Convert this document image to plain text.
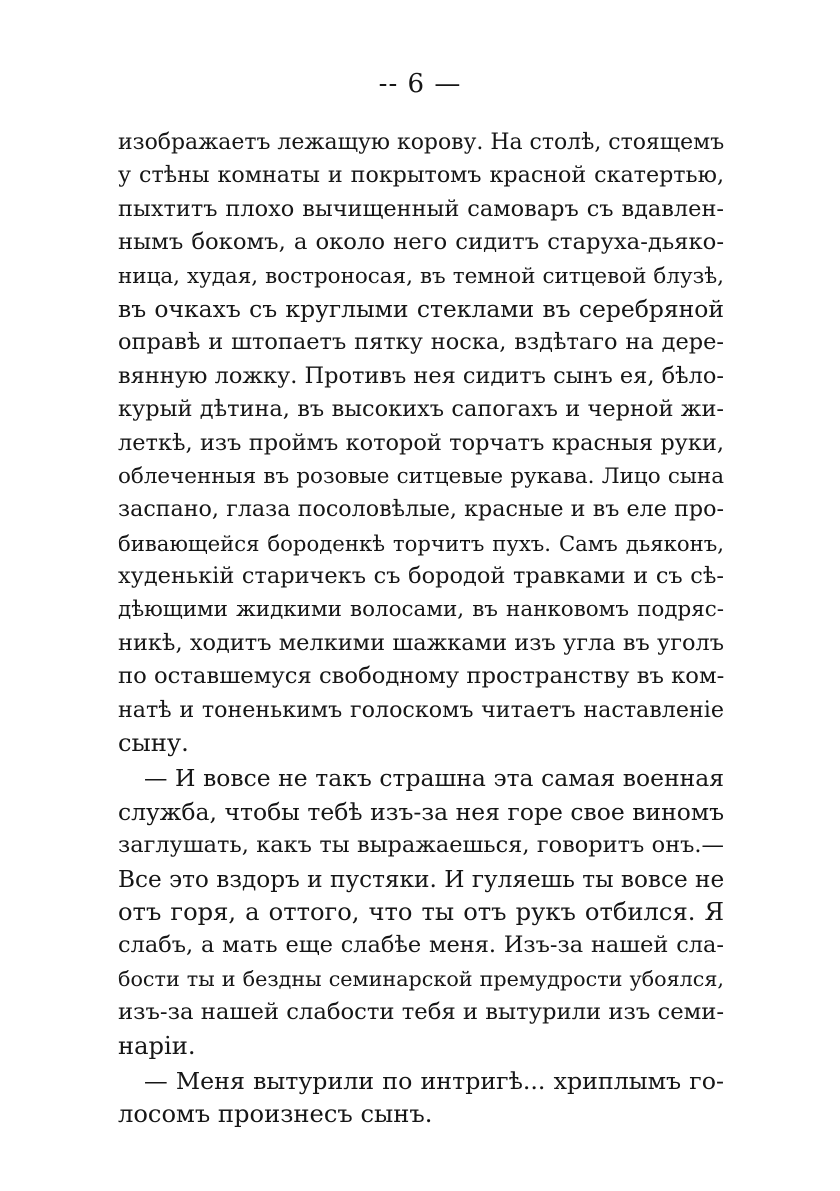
-- 6 —
изображаетъ лежащую корову. На столѣ, стоящемъ
у стѣны комнаты и покрытомъ красной скатертью,
пыхтитъ плохо вычищенный самоваръ съ вдавлен-
нымъ бокомъ, а около него сидитъ старуха-дьяко-
ница, худая, востроносая, въ темной ситцевой блузѣ,
въ очкахъ съ круглыми стеклами въ серебряной
оправѣ и штопаетъ пятку носка, вздѣтаго на дере-
вянную ложку. Противъ нея сидитъ сынъ ея, бѣло-
курый дѣтина, въ высокихъ сапогахъ и черной жи-
леткѣ, изъ проймъ которой торчатъ красныя руки,
облеченныя въ розовые ситцевые рукава. Лицо сына
заспано, глаза посоловѣлые, красные и въ еле про-
бивающейся бороденкѣ торчитъ пухъ. Самъ дьяконъ,
худенькій старичекъ съ бородой травками и съ сѣ-
дѣющими жидкими волосами, въ нанковомъ подряс-
никѣ, ходитъ мелкими шажками изъ угла въ уголъ
по оставшемуся свободному пространству въ ком-
натѣ и тоненькимъ голоскомъ читаетъ наставленіе
сыну.
— И вовсе не такъ страшна эта самая военная
служба, чтобы тебѣ изъ-за нея горе свое виномъ
заглушать, какъ ты выражаешься, говоритъ онъ.—
Все это вздоръ и пустяки. И гуляешь ты вовсе не
отъ горя, а оттого, что ты отъ рукъ отбился. Я
слабъ, а мать еще слабѣе меня. Изъ-за нашей сла-
бости ты и бездны семинарской премудрости убоялся,
изъ-за нашей слабости тебя и вытурили изъ семи-
наріи.
— Меня вытурили по интригѣ... хриплымъ го-
лосомъ произнесъ сынъ.
